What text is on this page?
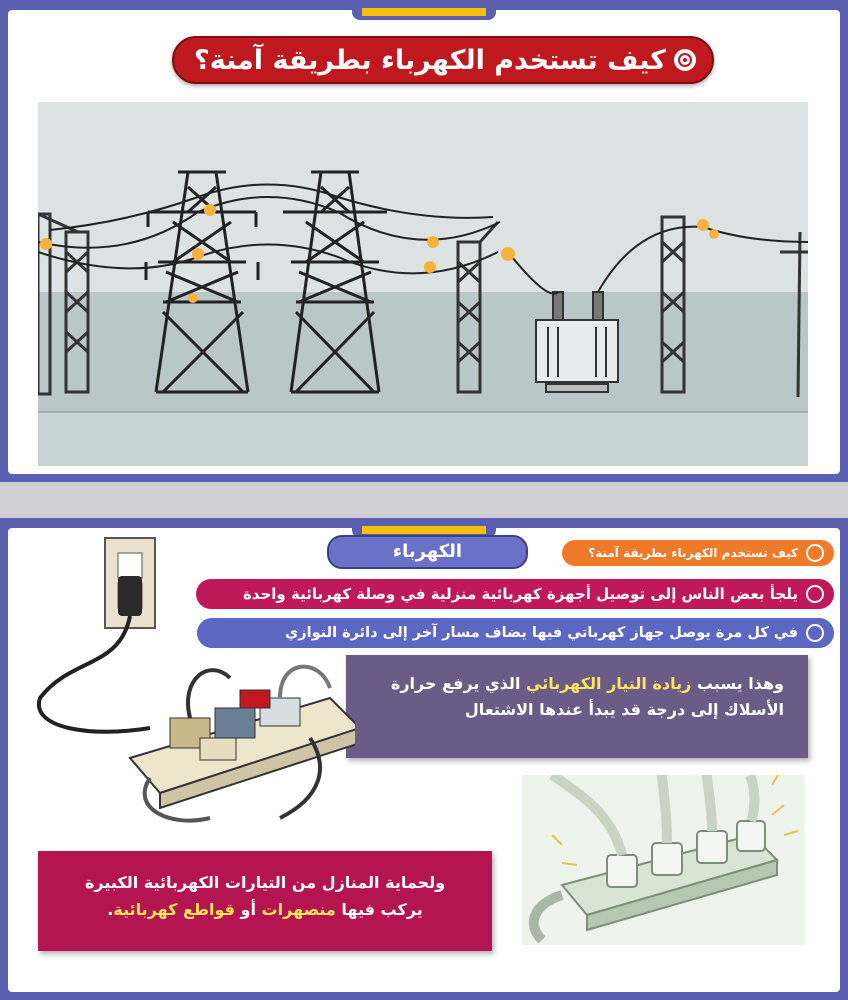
كيف تستخدم الكهرباء بطريقة آمنة؟
الكهرباء	كيف تستخدم الكهرباء بطريقة آمنة؟
يلجأ بعض الناس إلى توصيل أجهزة كهربائية منزلية في وصلة كهربائية واحدة
في كل مرة يوصل جهاز كهرباتي فيها يضاف مسار آخر إلى دائرة التوازي
وهذا يسبب زيادة التيار الكهربائي الذي يرفع حرارة
الأسلاك إلى درجة قد يبدأ عندها الاشتعال
ولحماية المنازل من التيارات الكهربائية الكبيرة
يركب فيها منصهرات أو قواطع كهربائية.
